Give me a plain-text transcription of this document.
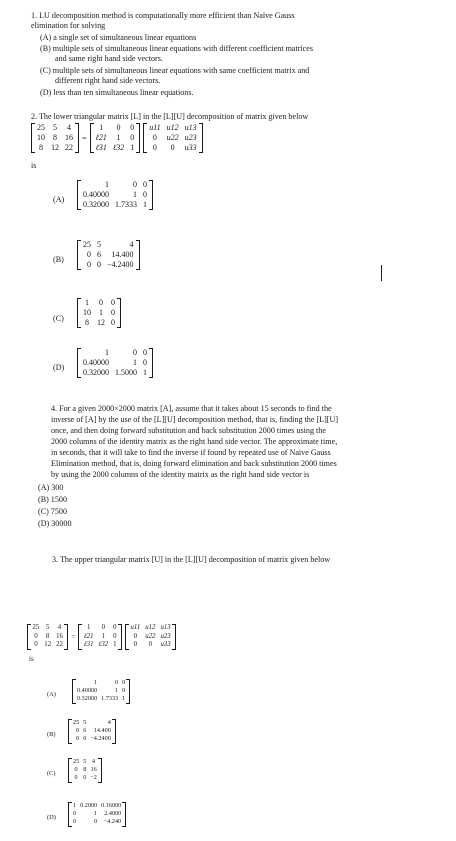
1. LU decomposition method is computationally more efficient than Naïve Gauss
elimination for solving
(A) a single set of simultaneous linear equations
(B) multiple sets of simultaneous linear equations with different coefficient matrices
and same right hand side vectors.
(C) multiple sets of simultaneous linear equations with same coefficient matrix and
different right hand side vectors.
(D) less than ten simultaneous linear equations.
2. The lower triangular matrix [L] in the [L][U] decomposition of matrix given below
25	5	4
10	8	16
8	12	22
=
1	0	0
ℓ21	1	0
ℓ31	ℓ32	1
u11	u12	u13
0	u22	u23
0	0	u33
is
(A)
1	0	0
0.40000	1	0
0.32000	1.7333	1
(B)
25	5	4
0	6	14.400
0	0	−4.2400
(C)
1	0	0
10	1	0
8	12	0
(D)
1	0	0
0.40000	1	0
0.32000	1.5000	1
4. For a given 2000×2000 matrix [A], assume that it takes about 15 seconds to find the
inverse of [A] by the use of the [L][U] decomposition method, that is, finding the [L][U]
once, and then doing forward substitution and back substitution 2000 times using the
2000 columns of the identity matrix as the right hand side vector. The approximate time,
in seconds, that it will take to find the inverse if found by repeated use of Naive Gauss
Elimination method, that is, doing forward elimination and back substitution 2000 times
by using the 2000 columns of the identity matrix as the right hand side vector is
(A) 300
(B) 1500
(C) 7500
(D) 30000
3. The upper triangular matrix [U] in the [L][U] decomposition of matrix given below
25	5	4
0	8	16
0	12	22
=
1	0	0
ℓ21	1	0
ℓ31	ℓ32	1
u11	u12	u13
0	u22	u23
0	0	u33
is
(A)
1	0	0
0.40000	1	0
0.32000	1.7333	1
(B)
25	5	4
0	6	14.400
0	0	−4.2400
(C)
25	5	4
0	8	16
0	0	−2
(D)
1	0.2000	0.16000
0	1	2.4000
0	0	−4.240
